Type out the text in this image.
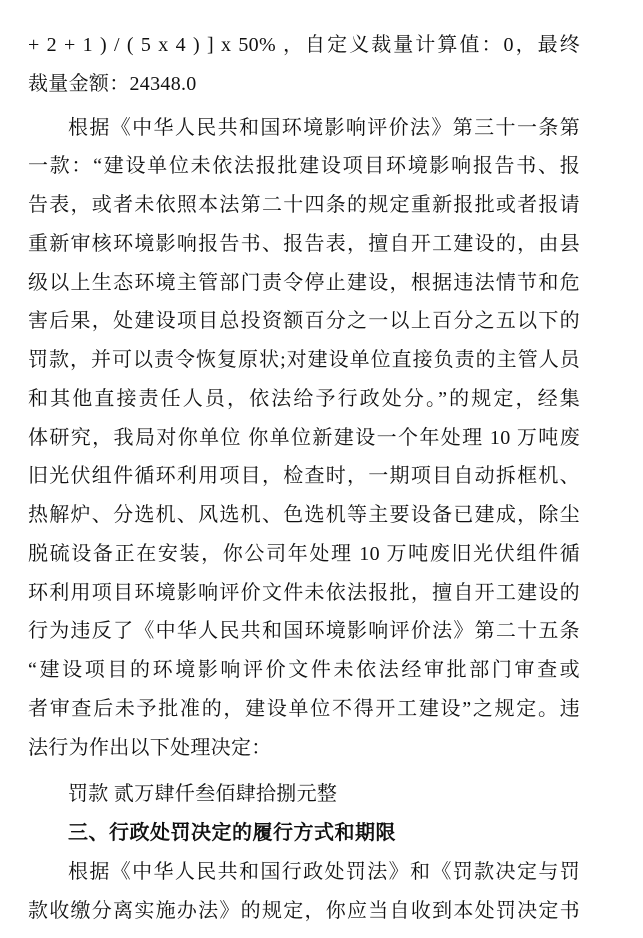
+ 2 + 1 ) / ( 5 x 4 ) ] x 50% ，自定义裁量计算值：0，最终
裁量金额：24348.0
根据《中华人民共和国环境影响评价法》第三十一条第
一款：“建设单位未依法报批建设项目环境影响报告书、报
告表，或者未依照本法第二十四条的规定重新报批或者报请
重新审核环境影响报告书、报告表，擅自开工建设的，由县
级以上生态环境主管部门责令停止建设，根据违法情节和危
害后果，处建设项目总投资额百分之一以上百分之五以下的
罚款，并可以责令恢复原状;对建设单位直接负责的主管人员
和其他直接责任人员，依法给予行政处分。”的规定，经集
体研究，我局对你单位 你单位新建设一个年处理 10 万吨废
旧光伏组件循环利用项目，检查时，一期项目自动拆框机、
热解炉、分选机、风选机、色选机等主要设备已建成，除尘
脱硫设备正在安装，你公司年处理 10 万吨废旧光伏组件循
环利用项目环境影响评价文件未依法报批，擅自开工建设的
行为违反了《中华人民共和国环境影响评价法》第二十五条
“建设项目的环境影响评价文件未依法经审批部门审查或
者审查后未予批准的，建设单位不得开工建设”之规定。违
法行为作出以下处理决定：
罚款 贰万肆仟叁佰肆拾捌元整
三、行政处罚决定的履行方式和期限
根据《中华人民共和国行政处罚法》和《罚款决定与罚
款收缴分离实施办法》的规定，你应当自收到本处罚决定书
